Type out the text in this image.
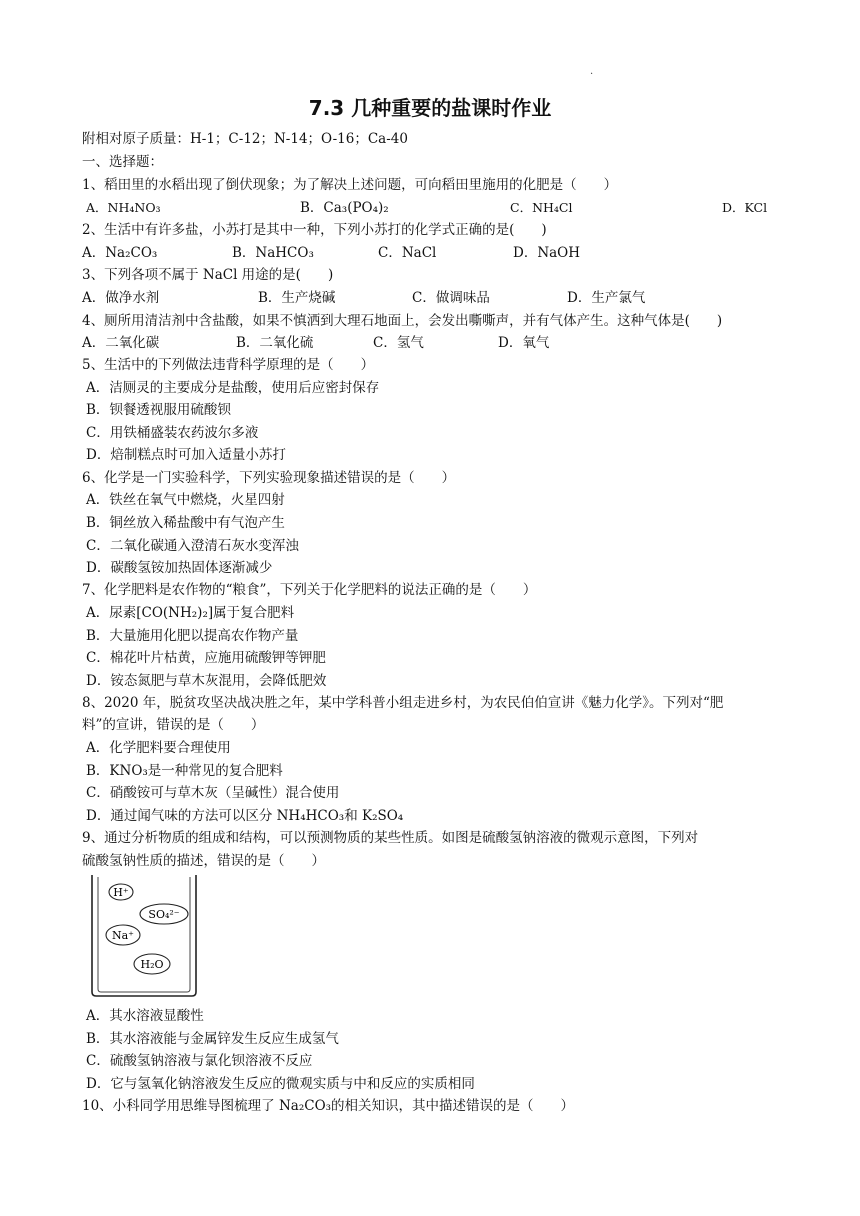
.
7.3 几种重要的盐课时作业
附相对原子质量：H-1；C-12；N-14；O-16；Ca-40
一、选择题：
1、稻田里的水稻出现了倒伏现象；为了解决上述问题，可向稻田里施用的化肥是（　　）
A．NH₄NO₃	B．Ca₃(PO₄)₂	C．NH₄Cl	D．KCl
2、生活中有许多盐，小苏打是其中一种，下列小苏打的化学式正确的是(　　)
A．Na₂CO₃	B．NaHCO₃	C．NaCl	D．NaOH
3、下列各项不属于 NaCl 用途的是(　　)
A．做净水剂	B．生产烧碱	C．做调味品	D．生产氯气
4、厕所用清洁剂中含盐酸，如果不慎洒到大理石地面上，会发出嘶嘶声，并有气体产生。这种气体是(　　)
A．二氧化碳	B．二氧化硫	C．氢气	D．氧气
5、生活中的下列做法违背科学原理的是（　　）
A．洁厕灵的主要成分是盐酸，使用后应密封保存
B．钡餐透视服用硫酸钡
C．用铁桶盛装农药波尔多液
D．焙制糕点时可加入适量小苏打
6、化学是一门实验科学，下列实验现象描述错误的是（　　）
A．铁丝在氧气中燃烧，火星四射
B．铜丝放入稀盐酸中有气泡产生
C．二氧化碳通入澄清石灰水变浑浊
D．碳酸氢铵加热固体逐渐减少
7、化学肥料是农作物的“粮食”，下列关于化学肥料的说法正确的是（　　）
A．尿素[CO(NH₂)₂]属于复合肥料
B．大量施用化肥以提高农作物产量
C．棉花叶片枯黄，应施用硫酸钾等钾肥
D．铵态氮肥与草木灰混用，会降低肥效
8、2020 年，脱贫攻坚决战决胜之年，某中学科普小组走进乡村，为农民伯伯宣讲《魅力化学》。下列对“肥
料”的宣讲，错误的是（　　）
A．化学肥料要合理使用
B．KNO₃是一种常见的复合肥料
C．硝酸铵可与草木灰（呈碱性）混合使用
D．通过闻气味的方法可以区分 NH₄HCO₃和 K₂SO₄
9、通过分析物质的组成和结构，可以预测物质的某些性质。如图是硫酸氢钠溶液的微观示意图，下列对
硫酸氢钠性质的描述，错误的是（　　）
H⁺
SO₄²⁻
Na⁺
H₂O
A．其水溶液显酸性
B．其水溶液能与金属锌发生反应生成氢气
C．硫酸氢钠溶液与氯化钡溶液不反应
D．它与氢氧化钠溶液发生反应的微观实质与中和反应的实质相同
10、小科同学用思维导图梳理了 Na₂CO₃的相关知识，其中描述错误的是（　　）
